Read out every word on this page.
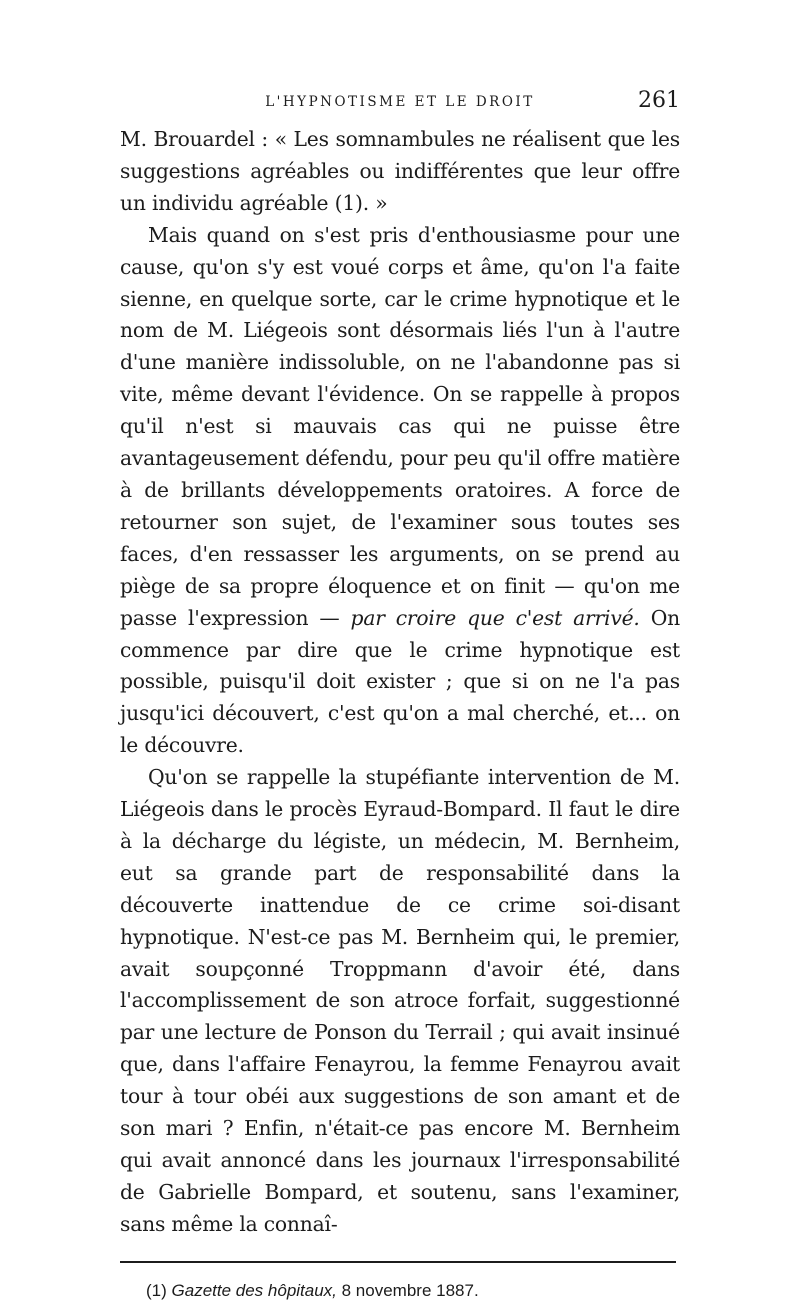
L'HYPNOTISME ET LE DROIT	261

M. Brouardel : « Les somnambules ne réalisent que les suggestions agréables ou indifférentes que leur offre un individu agréable (1). »

Mais quand on s'est pris d'enthousiasme pour une cause, qu'on s'y est voué corps et âme, qu'on l'a faite sienne, en quelque sorte, car le crime hypnotique et le nom de M. Liégeois sont désormais liés l'un à l'autre d'une manière indissoluble, on ne l'abandonne pas si vite, même devant l'évidence. On se rappelle à propos qu'il n'est si mauvais cas qui ne puisse être avantageusement défendu, pour peu qu'il offre matière à de brillants développements oratoires. A force de retourner son sujet, de l'examiner sous toutes ses faces, d'en ressasser les arguments, on se prend au piège de sa propre éloquence et on finit — qu'on me passe l'expression — par croire que c'est arrivé. On commence par dire que le crime hypnotique est possible, puisqu'il doit exister ; que si on ne l'a pas jusqu'ici découvert, c'est qu'on a mal cherché, et... on le découvre.

Qu'on se rappelle la stupéfiante intervention de M. Liégeois dans le procès Eyraud-Bompard. Il faut le dire à la décharge du légiste, un médecin, M. Bernheim, eut sa grande part de responsabilité dans la découverte inattendue de ce crime soi-disant hypnotique. N'est-ce pas M. Bernheim qui, le premier, avait soupçonné Troppmann d'avoir été, dans l'accomplissement de son atroce forfait, suggestionné par une lecture de Ponson du Terrail ; qui avait insinué que, dans l'affaire Fenayrou, la femme Fenayrou avait tour à tour obéi aux suggestions de son amant et de son mari ? Enfin, n'était-ce pas encore M. Bernheim qui avait annoncé dans les journaux l'irresponsabilité de Gabrielle Bompard, et soutenu, sans l'examiner, sans même la connaî-

(1) Gazette des hôpitaux, 8 novembre 1887.
